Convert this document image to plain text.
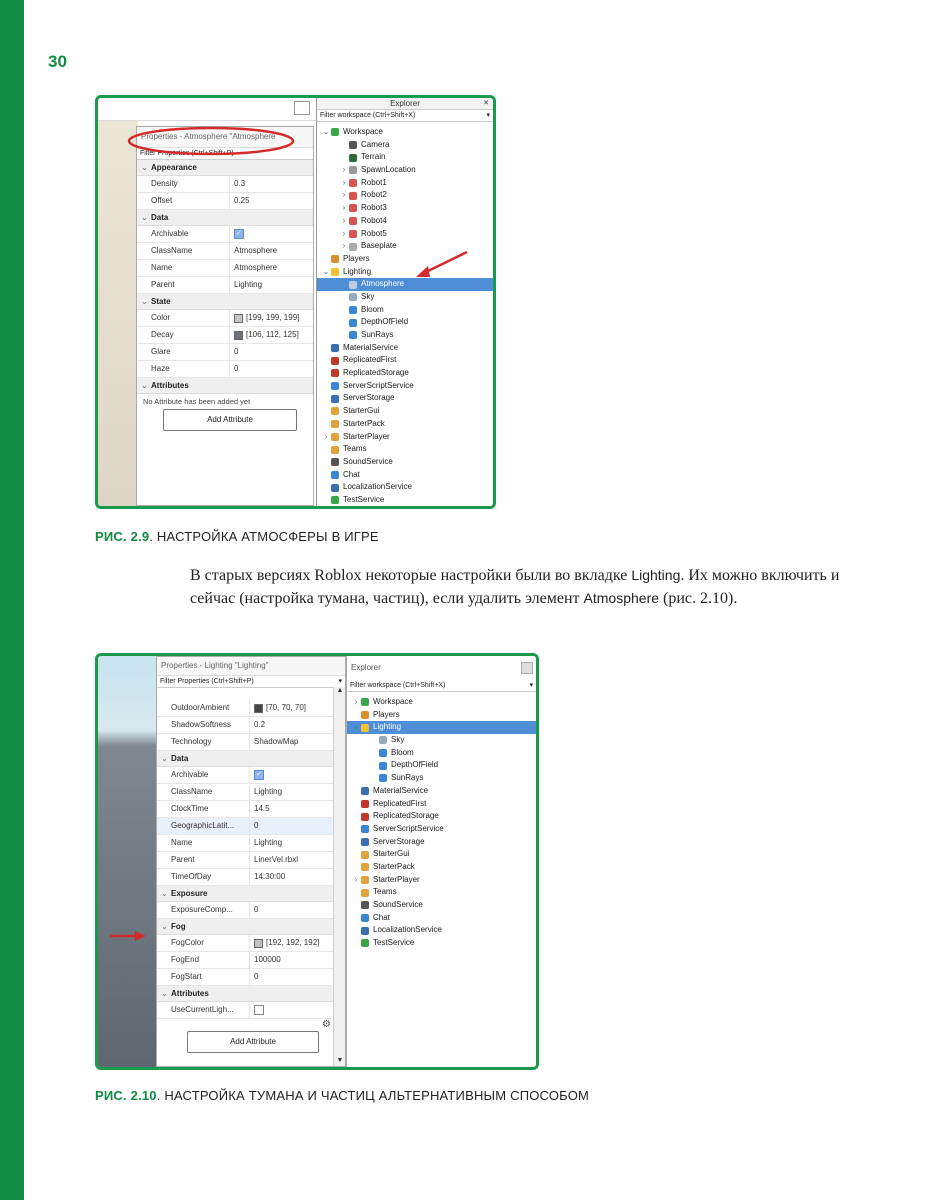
30
Properties - Atmosphere "Atmosphere"
Filter Properties (Ctrl+Shift+P)
⌄ Appearance
Density	0.3
Offset	0.25
⌄ Data
Archivable	✓
ClassName	Atmosphere
Name	Atmosphere
Parent	Lighting
⌄ State
Color	[199, 199, 199]
Decay	[106, 112, 125]
Glare	0
Haze	0
⌄ Attributes
No Attribute has been added yet
Add Attribute
Explorer	✕
Filter workspace (Ctrl+Shift+X)	▾
⌄ Workspace
Camera
Terrain
›	SpawnLocation
›	Robot1
›	Robot2
›	Robot3
›	Robot4
›	Robot5
›	Baseplate
Players
⌄ Lighting
Atmosphere
Sky
Bloom
DepthOfField
SunRays
MaterialService
ReplicatedFirst
ReplicatedStorage
ServerScriptService
ServerStorage
StarterGui
StarterPack
›	StarterPlayer
Teams
SoundService
Chat
LocalizationService
TestService
РИС. 2.9. НАСТРОЙКА АТМОСФЕРЫ В ИГРЕ
В старых версиях Roblox некоторые настройки были во вкладке Lighting. Их можно включить и сейчас (настройка тумана, частиц), если удалить элемент Atmosphere (рис. 2.10).
Properties - Lighting "Lighting"
Filter Properties (Ctrl+Shift+P)	▾
OutdoorAmbient	[70, 70, 70]
ShadowSoftness	0.2
Technology	ShadowMap
⌄ Data
Archivable	✓
ClassName	Lighting
ClockTime	14.5
GeographicLatit...	0
Name	Lighting
Parent	LinerVel.rbxl
TimeOfDay	14:30:00
⌄ Exposure
ExposureComp...	0
⌄ Fog
FogColor	[192, 192, 192]
FogEnd	100000
FogStart	0
⌄ Attributes
UseCurrentLigh...
Add Attribute
⚙
▲
▼
Explorer
Filter workspace (Ctrl+Shift+X)	▾
›	Workspace
Players
⌄ Lighting
Sky
Bloom
DepthOfField
SunRays
MaterialService
ReplicatedFirst
ReplicatedStorage
ServerScriptService
ServerStorage
StarterGui
StarterPack
›	StarterPlayer
Teams
SoundService
Chat
LocalizationService
TestService
РИС. 2.10. НАСТРОЙКА ТУМАНА И ЧАСТИЦ АЛЬТЕРНАТИВНЫМ СПОСОБОМ
